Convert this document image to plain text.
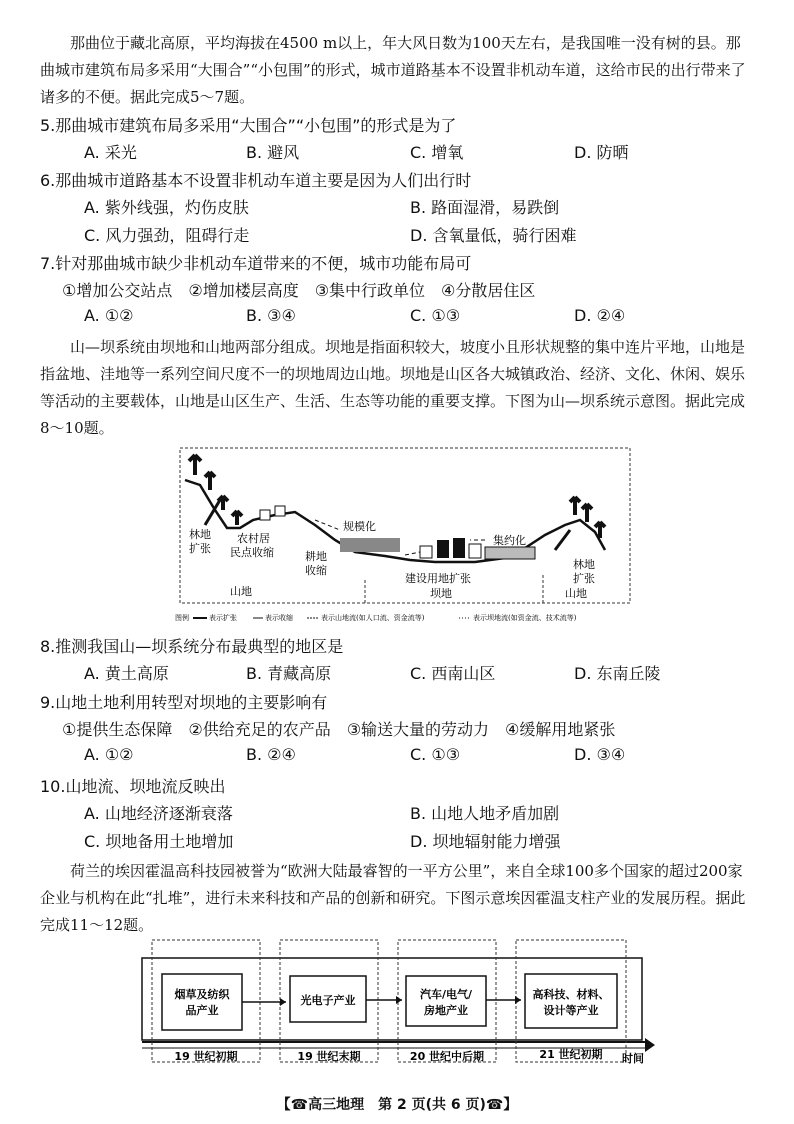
那曲位于藏北高原，平均海拔在4500 m以上，年大风日数为100天左右，是我国唯一没有树的县。那曲城市建筑布局多采用“大围合”“小包围”的形式，城市道路基本不设置非机动车道，这给市民的出行带来了诸多的不便。据此完成5～7题。
5.那曲城市建筑布局多采用“大围合”“小包围”的形式是为了
A. 采光	B. 避风	C. 增氧	D. 防晒
6.那曲城市道路基本不设置非机动车道主要是因为人们出行时
A. 紫外线强，灼伤皮肤	B. 路面湿滑，易跌倒
C. 风力强劲，阻碍行走	D. 含氧量低，骑行困难
7.针对那曲城市缺少非机动车道带来的不便，城市功能布局可
①增加公交站点　②增加楼层高度　③集中行政单位　④分散居住区
A. ①②	B. ③④	C. ①③	D. ②④
山—坝系统由坝地和山地两部分组成。坝地是指面积较大，坡度小且形状规整的集中连片平地，山地是指盆地、洼地等一系列空间尺度不一的坝地周边山地。坝地是山区各大城镇政治、经济、文化、休闲、娱乐等活动的主要载体，山地是山区生产、生活、生态等功能的重要支撑。下图为山—坝系统示意图。据此完成8～10题。
林地
扩张
农村居
民点收缩	耕地
收缩
规模化
集约化
建设用地扩张
林地
扩张
山地	坝地	山地
图例	表示扩张	表示收缩	表示山地流(如人口流、资金流等)	表示坝地流(如资金流、技术流等)
8.推测我国山—坝系统分布最典型的地区是
A. 黄土高原	B. 青藏高原	C. 西南山区	D. 东南丘陵
9.山地土地利用转型对坝地的主要影响有
①提供生态保障　②供给充足的农产品　③输送大量的劳动力　④缓解用地紧张
A. ①②	B. ②④	C. ①③	D. ③④
10.山地流、坝地流反映出
A. 山地经济逐渐衰落	B. 山地人地矛盾加剧
C. 坝地备用土地增加	D. 坝地辐射能力增强
荷兰的埃因霍温高科技园被誉为“欧洲大陆最睿智的一平方公里”，来自全球100多个国家的超过200家企业与机构在此“扎堆”，进行未来科技和产品的创新和研究。下图示意埃因霍温支柱产业的发展历程。据此完成11～12题。
烟草及纺织
品产业
光电子产业	汽车/电气/
房地产业
高科技、材料、
设计等产业
19 世纪初期	19 世纪末期	20 世纪中后期	21 世纪初期 时间
【☎高三地理　第 2 页(共 6 页)☎】
